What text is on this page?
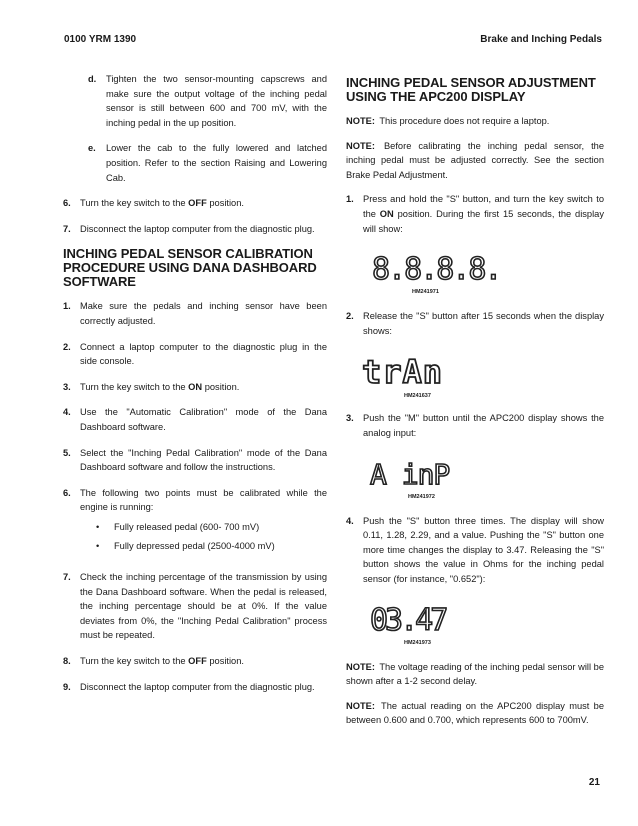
0100 YRM 1390	Brake and Inching Pedals
d.	Tighten the two sensor-mounting capscrews and make sure the output voltage of the inching pedal sensor is still between 600 and 700 mV, with the inching pedal in the up position.
e.	Lower the cab to the fully lowered and latched position. Refer to the section Raising and Lowering Cab.
6. Turn the key switch to the OFF position.
7. Disconnect the laptop computer from the diagnostic plug.
INCHING PEDAL SENSOR CALIBRATION PROCEDURE USING DANA DASHBOARD SOFTWARE
1. Make sure the pedals and inching sensor have been correctly adjusted.
2. Connect a laptop computer to the diagnostic plug in the side console.
3. Turn the key switch to the ON position.
4. Use the "Automatic Calibration" mode of the Dana Dashboard software.
5. Select the "Inching Pedal Calibration" mode of the Dana Dashboard software and follow the instructions.
6. The following two points must be calibrated while the engine is running:
•	Fully released pedal (600- 700 mV)
•	Fully depressed pedal (2500-4000 mV)
7. Check the inching percentage of the transmission by using the Dana Dashboard software. When the pedal is released, the inching percentage should be at 0%. If the value deviates from 0%, the "Inching Pedal Calibration" process must be repeated.
8. Turn the key switch to the OFF position.
9. Disconnect the laptop computer from the diagnostic plug.
INCHING PEDAL SENSOR ADJUSTMENT USING THE APC200 DISPLAY
NOTE: This procedure does not require a laptop.
NOTE: Before calibrating the inching pedal sensor, the inching pedal must be adjusted correctly. See the section Brake Pedal Adjustment.
1. Press and hold the "S" button, and turn the key switch to the ON position. During the first 15 seconds, the display will show:
8.8.8.8.
HM241971
2. Release the "S" button after 15 seconds when the display shows:
trAn
HM241637
3. Push the "M" button until the APC200 display shows the analog input:
A inP
HM241972
4. Push the "S" button three times. The display will show 0.11, 1.28, 2.29, and a value. Pushing the "S" button one more time changes the display to 3.47. Releasing the "S" button shows the value in Ohms for the inching pedal sensor (for instance, "0.652"):
03.47
HM241973
NOTE: The voltage reading of the inching pedal sensor will be shown after a 1-2 second delay.
NOTE: The actual reading on the APC200 display must be between 0.600 and 0.700, which represents 600 to 700mV.
21
